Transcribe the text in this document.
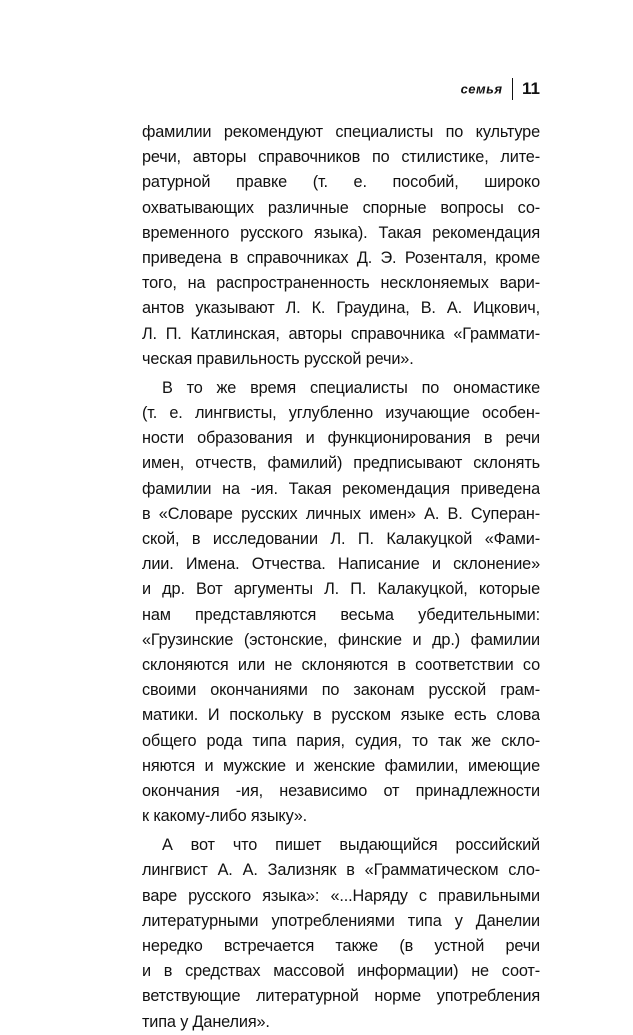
семья 11
фамилии рекомендуют специалисты по культуре
речи, авторы справочников по стилистике, лите-
ратурной правке (т. е. пособий, широко
охватывающих различные спорные вопросы со-
временного русского языка). Такая рекомендация
приведена в справочниках Д. Э. Розенталя, кроме
того, на распространенность несклоняемых вари-
антов указывают Л. К. Граудина, В. А. Ицкович,
Л. П. Катлинская, авторы справочника «Граммати-
ческая правильность русской речи».
В то же время специалисты по ономастике
(т. е. лингвисты, углубленно изучающие особен-
ности образования и функционирования в речи
имен, отчеств, фамилий) предписывают склонять
фамилии на -ия. Такая рекомендация приведена
в «Словаре русских личных имен» А. В. Суперан-
ской, в исследовании Л. П. Калакуцкой «Фами-
лии. Имена. Отчества. Написание и склонение»
и др. Вот аргументы Л. П. Калакуцкой, которые
нам представляются весьма убедительными:
«Грузинские (эстонские, финские и др.) фамилии
склоняются или не склоняются в соответствии со
своими окончаниями по законам русской грам-
матики. И поскольку в русском языке есть слова
общего рода типа пария, судия, то так же скло-
няются и мужские и женские фамилии, имеющие
окончания -ия, независимо от принадлежности
к какому-либо языку».
А вот что пишет выдающийся российский
лингвист А. А. Зализняк в «Грамматическом сло-
варе русского языка»: «...Наряду с правильными
литературными употреблениями типа у Данелии
нередко встречается также (в устной речи
и в средствах массовой информации) не соот-
ветствующие литературной норме употребления
типа у Данелия».
